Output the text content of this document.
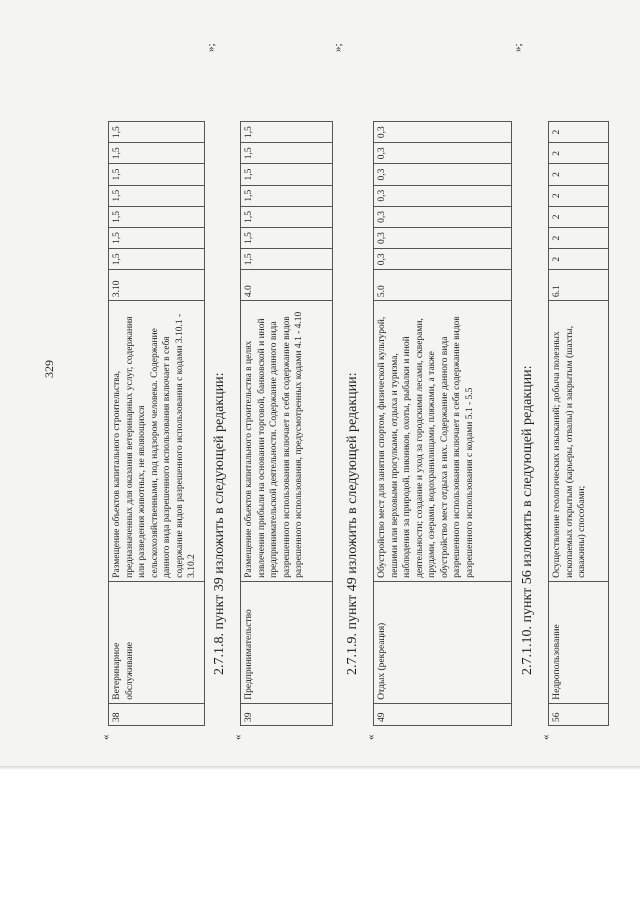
329
«
38	Ветеринарное обслуживание	Размещение объектов капитального строительства, предназначенных для оказания ветеринарных услуг, содержания или разведения животных, не являющихся сельскохозяйственными, под надзором человека. Содержание данного вида разрешенного использования включает в себя содержание видов разрешенного использования с кодами 3.10.1 - 3.10.2	3.10	1,5	1,5	1,5	1,5	1,5	1,5	1,5
»;
2.7.1.8. пункт 39 изложить в следующей редакции:
«
39	Предпринимательство	Размещение объектов капитального строительства в целях извлечения прибыли на основании торговой, банковской и иной предпринимательской деятельности. Содержание данного вида разрешенного использования включает в себя содержание видов разрешенного использования, предусмотренных кодами 4.1 - 4.10	4.0	1,5	1,5	1,5	1,5	1,5	1,5	1,5
»;
2.7.1.9. пункт 49 изложить в следующей редакции:
«
49	Отдых (рекреация)	Обустройство мест для занятия спортом, физической культурой, пешими или верховыми прогулками, отдыха и туризма, наблюдения за природой, пикников, охоты, рыбалки и иной деятельности; создание и уход за городскими лесами, скверами, прудами, озерами, водохранилищами, пляжами, а также обустройство мест отдыха в них. Содержание данного вида разрешенного использования включает в себя содержание видов разрешенного использования с кодами 5.1 - 5.5	5.0	0,3	0,3	0,3	0,3	0,3	0,3	0,3
»;
2.7.1.10. пункт 56 изложить в следующей редакции:
«
56	Недропользование	Осуществление геологических изысканий; добыча полезных ископаемых открытым (карьеры, отвалы) и закрытым (шахты, скважины) способами;	6.1	2	2	2	2	2	2	2
